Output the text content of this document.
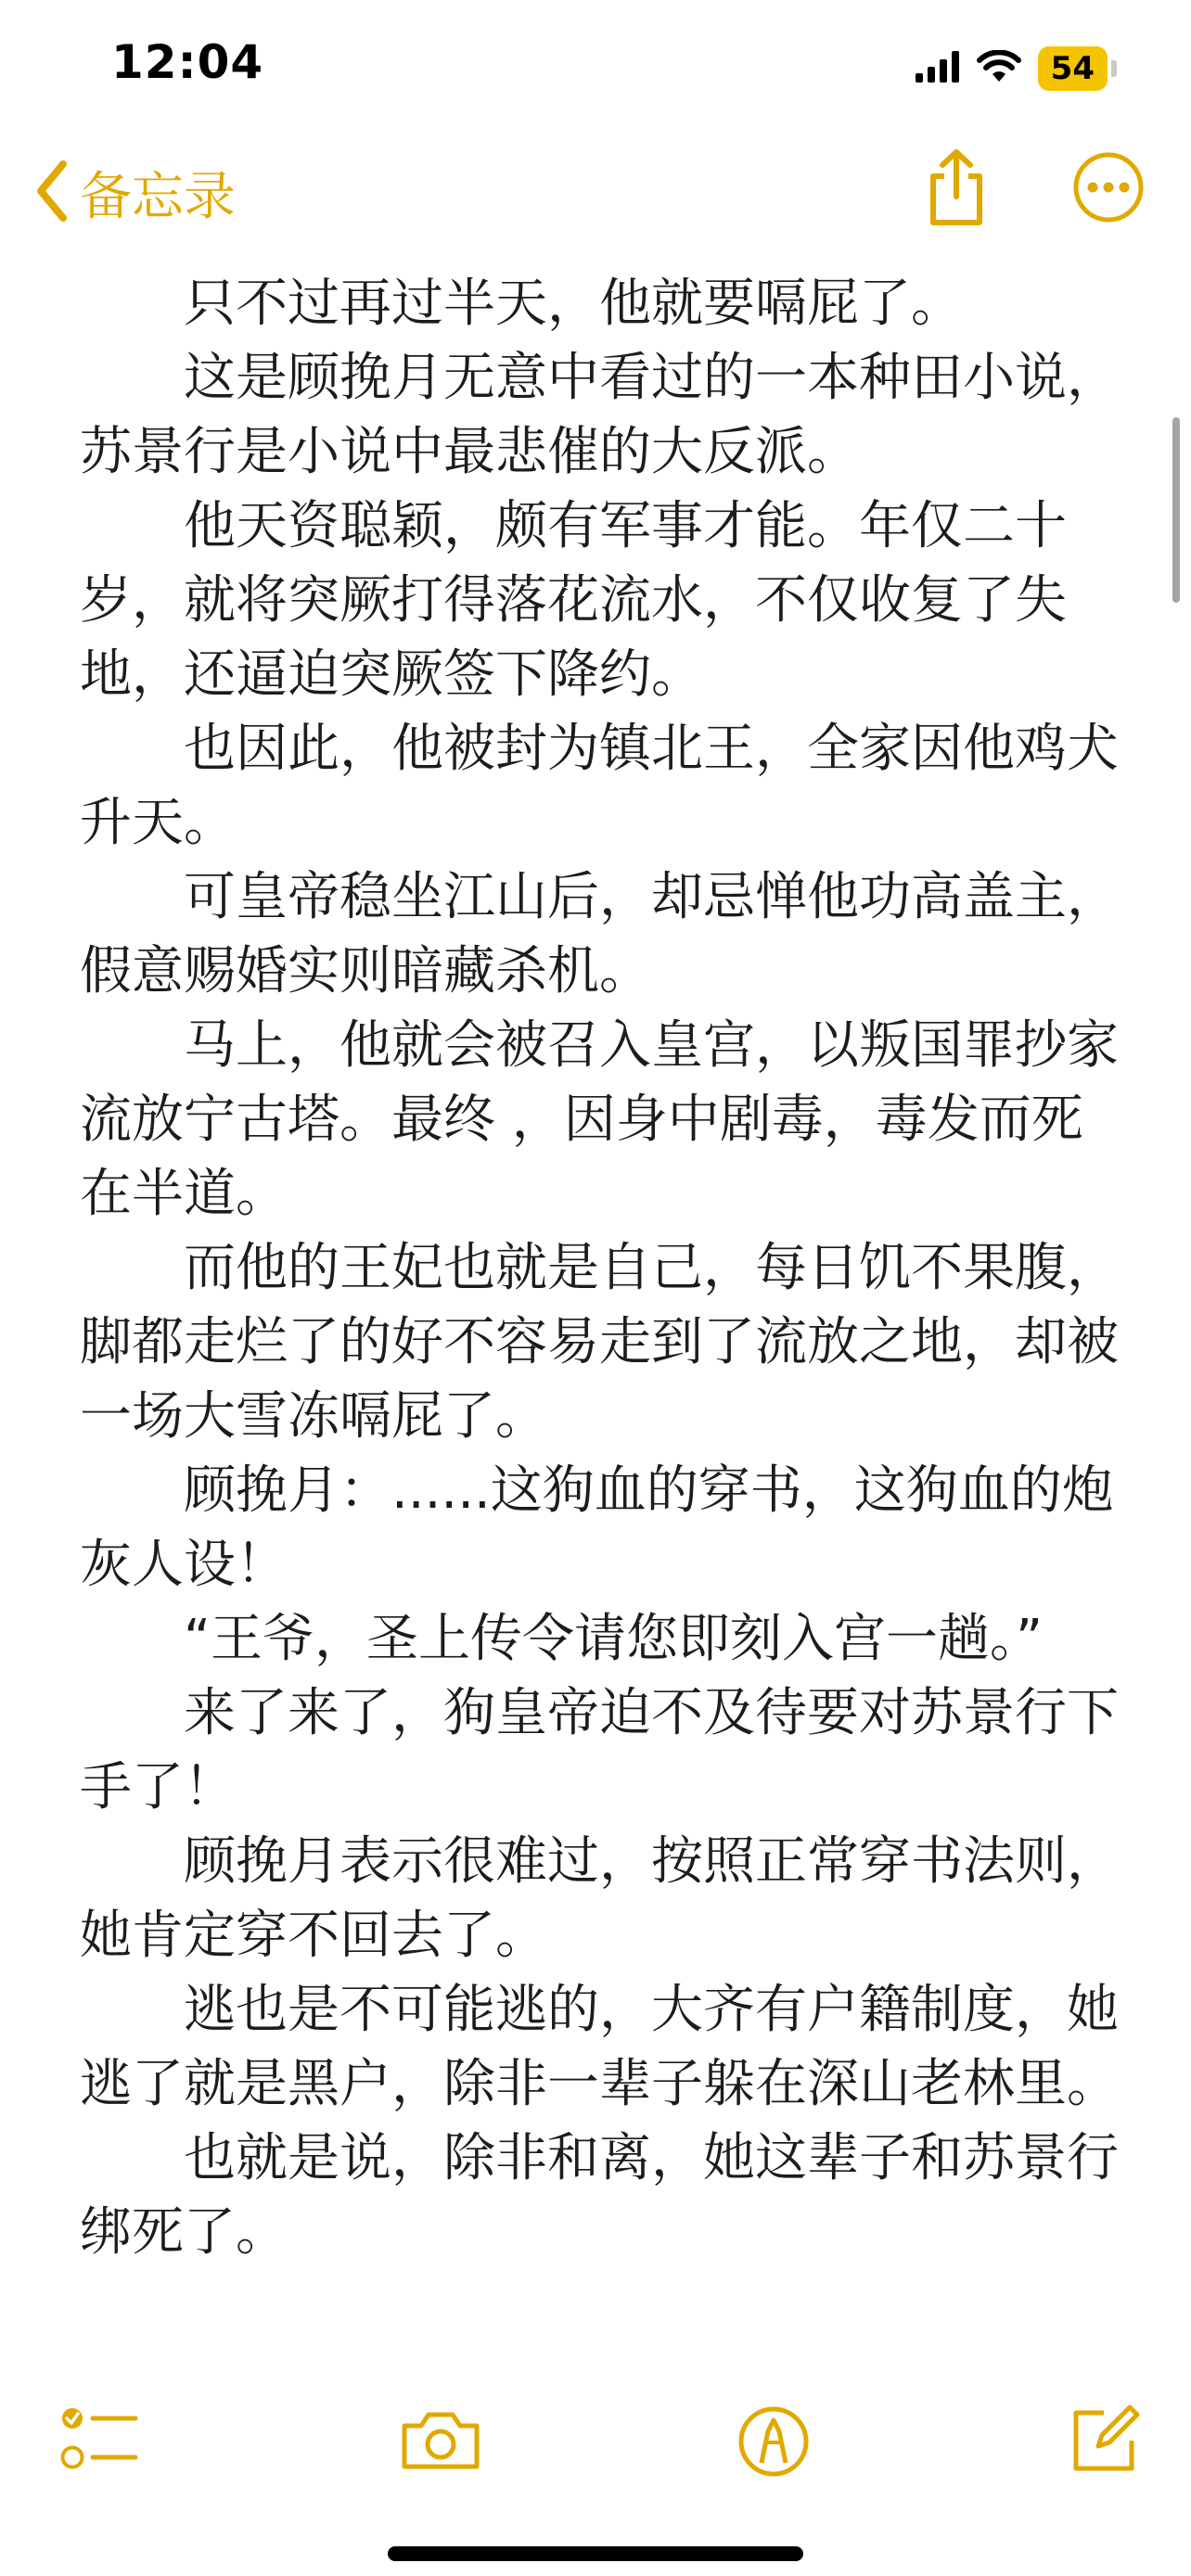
12:04	54
备忘录

只不过再过半天，他就要嗝屁了。

这是顾挽月无意中看过的一本种田小说，苏景行是小说中最悲催的大反派。

他天资聪颖，颇有军事才能。年仅二十岁，就将突厥打得落花流水，不仅收复了失地，还逼迫突厥签下降约。

也因此，他被封为镇北王，全家因他鸡犬升天。

可皇帝稳坐江山后，却忌惮他功高盖主，假意赐婚实则暗藏杀机。

马上，他就会被召入皇宫，以叛国罪抄家流放宁古塔。最终 ，因身中剧毒，毒发而死在半道。

而他的王妃也就是自己，每日饥不果腹，脚都走烂了的好不容易走到了流放之地，却被一场大雪冻嗝屁了。

顾挽月：......这狗血的穿书，这狗血的炮灰人设！

“王爷，圣上传令请您即刻入宫一趟。”

来了来了，狗皇帝迫不及待要对苏景行下手了！

顾挽月表示很难过，按照正常穿书法则，她肯定穿不回去了。

逃也是不可能逃的，大齐有户籍制度，她逃了就是黑户，除非一辈子躲在深山老林里。

也就是说，除非和离，她这辈子和苏景行绑死了。
